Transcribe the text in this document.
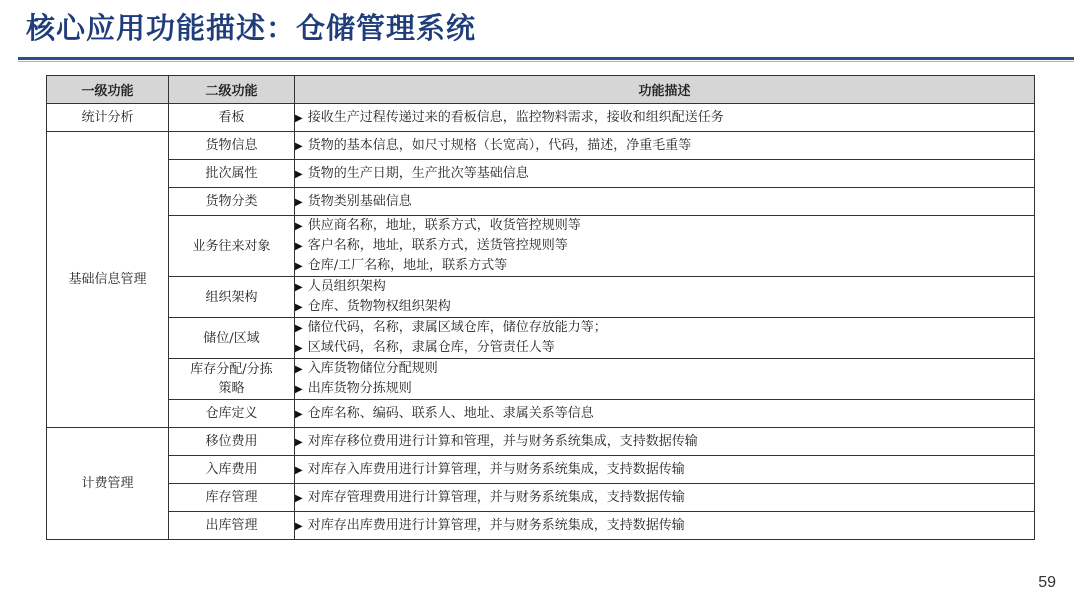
核心应用功能描述：仓储管理系统
一级功能	二级功能	功能描述
统计分析	看板	▶ 接收生产过程传递过来的看板信息，监控物料需求，接收和组织配送任务

基础信息管理	货物信息	▶ 货物的基本信息，如尺寸规格（长宽高），代码，描述，净重毛重等

	批次属性	▶ 货物的生产日期，生产批次等基础信息

	货物分类	▶ 货物类别基础信息

	业务往来对象	▶ 供应商名称，地址，联系方式，收货管控规则等
▶ 客户名称，地址，联系方式，送货管控规则等
▶ 仓库/工厂名称，地址，联系方式等

	组织架构	▶ 人员组织架构
▶ 仓库、货物物权组织架构

	储位/区域	▶ 储位代码，名称，隶属区域仓库，储位存放能力等；
▶ 区域代码，名称，隶属仓库，分管责任人等

	库存分配/分拣策略	▶ 入库货物储位分配规则
▶ 出库货物分拣规则

	仓库定义	▶ 仓库名称、编码、联系人、地址、隶属关系等信息

计费管理	移位费用	▶ 对库存移位费用进行计算和管理，并与财务系统集成，支持数据传输

	入库费用	▶ 对库存入库费用进行计算管理，并与财务系统集成，支持数据传输

	库存管理	▶ 对库存管理费用进行计算管理，并与财务系统集成，支持数据传输

	出库管理	▶ 对库存出库费用进行计算管理，并与财务系统集成，支持数据传输
59
